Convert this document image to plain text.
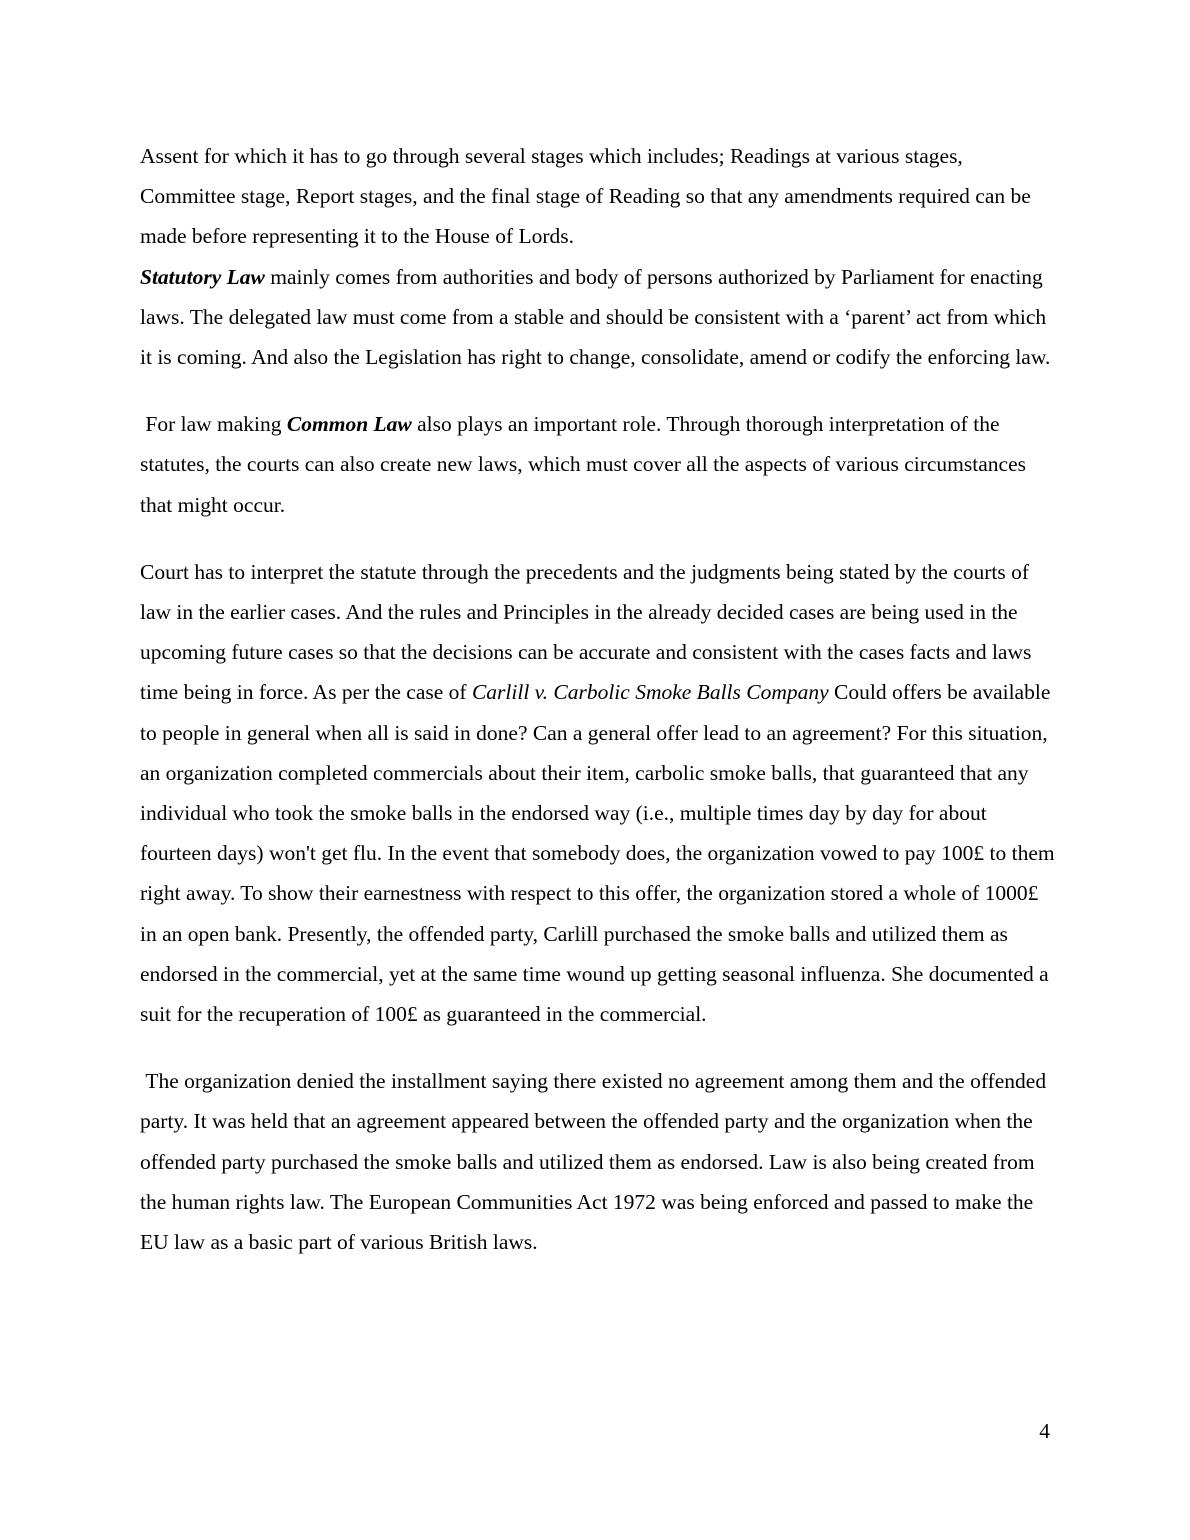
Assent for which it has to go through several stages which includes; Readings at various stages, Committee stage, Report stages, and the final stage of Reading so that any amendments required can be made before representing it to the House of Lords.

Statutory Law mainly comes from authorities and body of persons authorized by Parliament for enacting laws. The delegated law must come from a stable and should be consistent with a ‘parent’ act from which it is coming. And also the Legislation has right to change, consolidate, amend or codify the enforcing law.

For law making Common Law also plays an important role. Through thorough interpretation of the statutes, the courts can also create new laws, which must cover all the aspects of various circumstances that might occur.

Court has to interpret the statute through the precedents and the judgments being stated by the courts of law in the earlier cases. And the rules and Principles in the already decided cases are being used in the upcoming future cases so that the decisions can be accurate and consistent with the cases facts and laws time being in force. As per the case of Carlill v. Carbolic Smoke Balls Company Could offers be available to people in general when all is said in done? Can a general offer lead to an agreement? For this situation, an organization completed commercials about their item, carbolic smoke balls, that guaranteed that any individual who took the smoke balls in the endorsed way (i.e., multiple times day by day for about fourteen days) won't get flu. In the event that somebody does, the organization vowed to pay 100£ to them right away. To show their earnestness with respect to this offer, the organization stored a whole of 1000£ in an open bank. Presently, the offended party, Carlill purchased the smoke balls and utilized them as endorsed in the commercial, yet at the same time wound up getting seasonal influenza. She documented a suit for the recuperation of 100£ as guaranteed in the commercial.

The organization denied the installment saying there existed no agreement among them and the offended party. It was held that an agreement appeared between the offended party and the organization when the offended party purchased the smoke balls and utilized them as endorsed. Law is also being created from the human rights law. The European Communities Act 1972 was being enforced and passed to make the EU law as a basic part of various British laws.

4
